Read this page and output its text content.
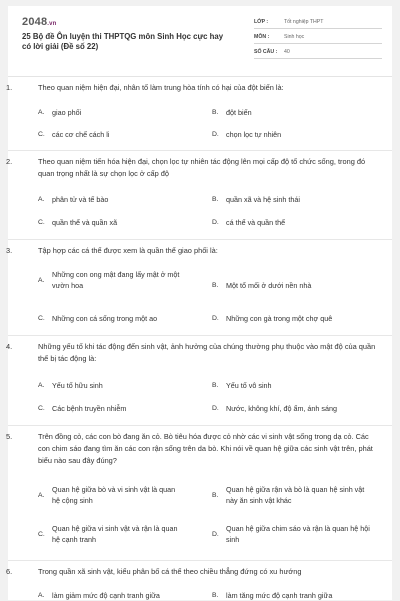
2048.vn
25 Bộ đề Ôn luyện thi THPTQG môn Sinh Học cực hay có lời giải (Đề số 22)
LỚP :	Tốt nghiệp THPT
MÔN :	Sinh học
SỐ CÂU :	40
1.	Theo quan niệm hiện đại, nhân tố làm trung hòa tính có hại của đột biến là:
A.	giao phối	B.	đột biến
C. các cơ chế cách li	D. chọn lọc tự nhiên
2.	Theo quan niệm tiến hóa hiện đại, chọn lọc tự nhiên tác động lên mọi cấp độ tổ chức sống, trong đó quan trọng nhất là sự chọn lọc ở cấp độ
A.	phân tử và tế bào	B.	quần xã và hệ sinh thái
C. quần thể và quần xã	D. cá thể và quần thể
3.	Tập hợp các cá thể được xem là quần thể giao phối là:
A.
Những con ong mật đang lấy mật ở một vườn hoa	B.	Một tổ mối ở dưới nền nhà
C. Những con cá sống trong một ao	D. Những con gà trong một chợ quê
4.	Những yếu tố khi tác động đến sinh vật, ảnh hưởng của chúng thường phụ thuộc vào mật độ của quần thể bị tác động là:
A.	Yếu tố hữu sinh	B.	Yếu tố vô sinh
C. Các bệnh truyền nhiễm	D. Nước, không khí, độ ẩm, ánh sáng
5.	Trên đồng cỏ, các con bò đang ăn cỏ. Bò tiêu hóa được cỏ nhờ các vi sinh vật sống trong dạ cỏ. Các con chim sáo đang tìm ăn các con rận sống trên da bò. Khi nói về quan hệ giữa các sinh vật trên, phát biểu nào sau đây đúng?
A.
Quan hệ giữa bò và vi sinh vật là quan hệ cộng sinh
B.
Quan hệ giữa rận và bò là quan hệ sinh vật này ăn sinh vật khác
C.
Quan hệ giữa vi sinh vật và rận là quan hệ cạnh tranh
D.
Quan hệ giữa chim sáo và rận là quan hệ hội sinh
6.	Trong quần xã sinh vật, kiểu phân bố cá thể theo chiều thẳng đứng có xu hướng
A.	làm giảm mức độ cạnh tranh giữa	B.	làm tăng mức độ cạnh tranh giữa
